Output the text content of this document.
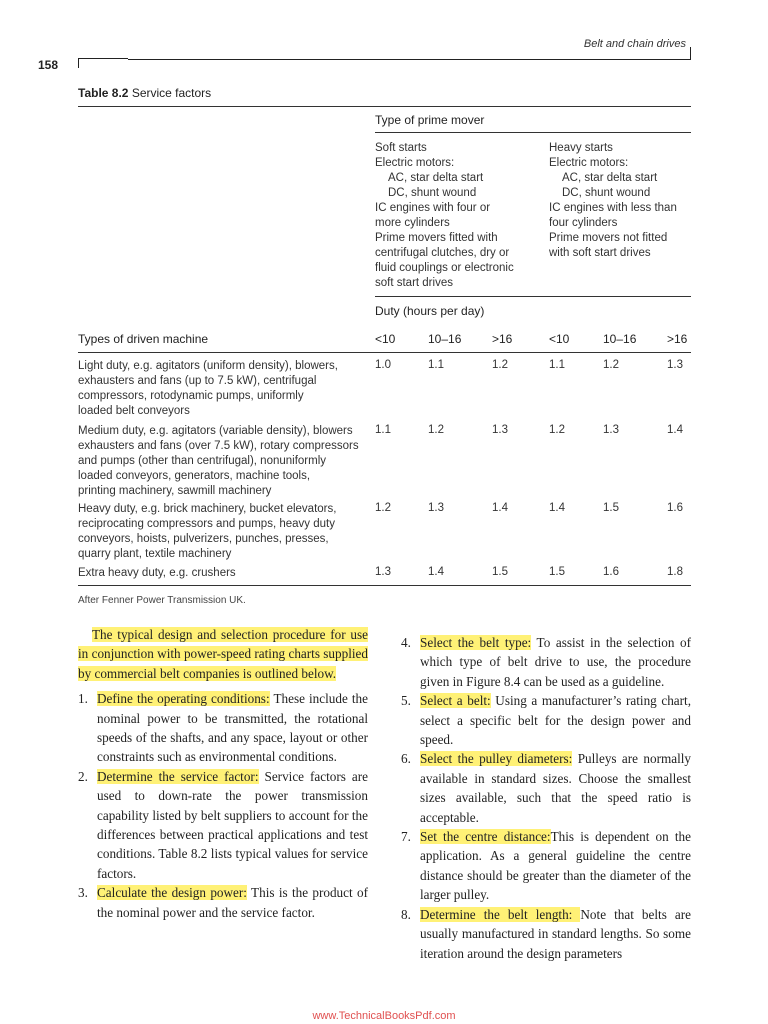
158
Belt and chain drives
Table 8.2 Service factors
Type of prime mover
Soft starts
Electric motors:
AC, star delta start
DC, shunt wound
IC engines with four or
more cylinders
Prime movers fitted with
centrifugal clutches, dry or
fluid couplings or electronic
soft start drives
Heavy starts
Electric motors:
AC, star delta start
DC, shunt wound
IC engines with less than
four cylinders
Prime movers not fitted
with soft start drives
Duty (hours per day)
Types of driven machine	<10	10–16	>16	<10	10–16	>16
Light duty, e.g. agitators (uniform density), blowers,
exhausters and fans (up to 7.5 kW), centrifugal
compressors, rotodynamic pumps, uniformly
loaded belt conveyors
1.0	1.1	1.2	1.1	1.2	1.3
Medium duty, e.g. agitators (variable density), blowers
exhausters and fans (over 7.5 kW), rotary compressors
and pumps (other than centrifugal), nonuniformly
loaded conveyors, generators, machine tools,
printing machinery, sawmill machinery
1.1	1.2	1.3	1.2	1.3	1.4
Heavy duty, e.g. brick machinery, bucket elevators,
reciprocating compressors and pumps, heavy duty
conveyors, hoists, pulverizers, punches, presses,
quarry plant, textile machinery
1.2	1.3	1.4	1.4	1.5	1.6
Extra heavy duty, e.g. crushers	1.3	1.4	1.5	1.5	1.6	1.8
After Fenner Power Transmission UK.

The typical design and selection procedure for use in conjunction with power-speed rating charts supplied by commercial belt companies is outlined below.

1. Define the operating conditions: These include the nominal power to be transmitted, the rotational speeds of the shafts, and any space, layout or other constraints such as environmental conditions.
2. Determine the service factor: Service factors are used to down-rate the power transmission capability listed by belt suppliers to account for the differences between practical applications and test conditions. Table 8.2 lists typical values for service factors.
3. Calculate the design power: This is the product of the nominal power and the service factor.
4. Select the belt type: To assist in the selection of which type of belt drive to use, the procedure given in Figure 8.4 can be used as a guideline.
5. Select a belt: Using a manufacturer’s rating chart, select a specific belt for the design power and speed.
6. Select the pulley diameters: Pulleys are normally available in standard sizes. Choose the smallest sizes available, such that the speed ratio is acceptable.
7. Set the centre distance:This is dependent on the application. As a general guideline the centre distance should be greater than the diameter of the larger pulley.
8. Determine the belt length: Note that belts are usually manufactured in standard lengths. So some iteration around the design parameters
www.TechnicalBooksPdf.com
